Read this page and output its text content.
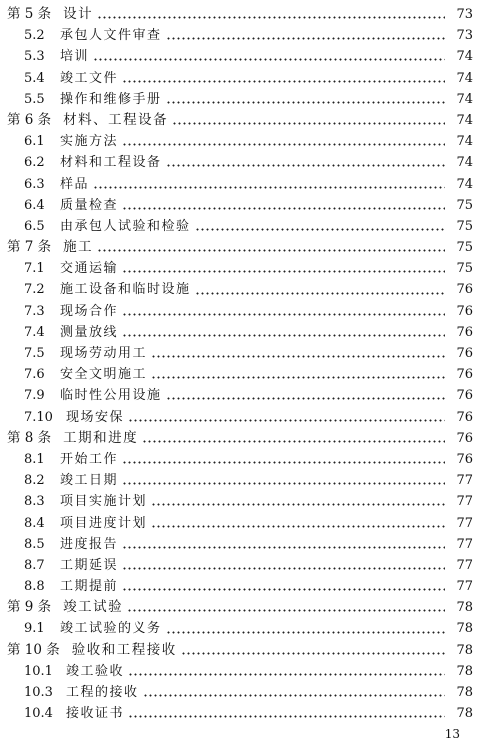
第 5 条 设计	73
5.2	承包人文件审查	73
5.3	培训	74
5.4	竣工文件	74
5.5	操作和维修手册	74
第 6 条 材料、工程设备	74
6.1	实施方法	74
6.2	材料和工程设备	74
6.3	样品	74
6.4	质量检查	75
6.5	由承包人试验和检验	75
第 7 条 施工	75
7.1	交通运输	75
7.2	施工设备和临时设施	76
7.3	现场合作	76
7.4	测量放线	76
7.5	现场劳动用工	76
7.6	安全文明施工	76
7.9	临时性公用设施	76
7.10	现场安保	76
第 8 条 工期和进度	76
8.1	开始工作	76
8.2	竣工日期	77
8.3	项目实施计划	77
8.4	项目进度计划	77
8.5	进度报告	77
8.7	工期延误	77
8.8	工期提前	77
第 9 条 竣工试验	78
9.1	竣工试验的义务	78
第 10 条 验收和工程接收	78
10.1	竣工验收	78
10.3	工程的接收	78
10.4	接收证书	78
13
